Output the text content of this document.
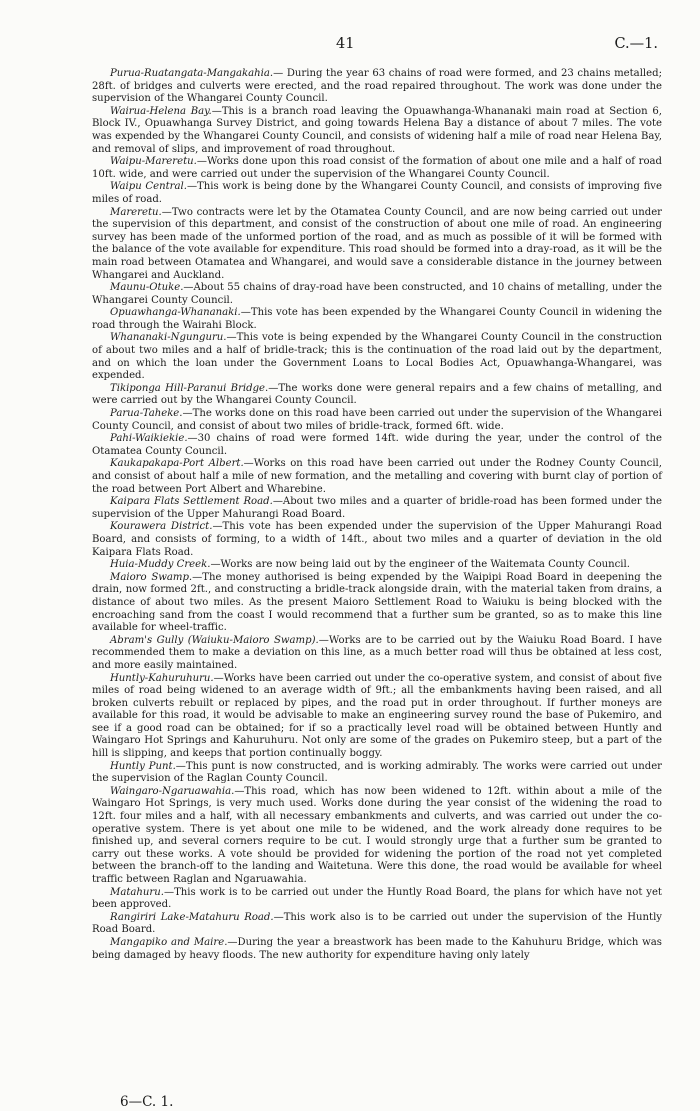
41	C.—1.

Purua-Ruatangata-Mangakahia.— During the year 63 chains of road were formed, and 23 chains metalled; 28ft. of bridges and culverts were erected, and the road repaired throughout. The work was done under the supervision of the Whangarei County Council.

Wairua-Helena Bay.—This is a branch road leaving the Opuawhanga-Whananaki main road at Section 6, Block IV., Opuawhanga Survey District, and going towards Helena Bay a distance of about 7 miles. The vote was expended by the Whangarei County Council, and consists of widening half a mile of road near Helena Bay, and removal of slips, and improvement of road throughout.

Waipu-Mareretu.—Works done upon this road consist of the formation of about one mile and a half of road 10ft. wide, and were carried out under the supervision of the Whangarei County Council.

Waipu Central.—This work is being done by the Whangarei County Council, and consists of improving five miles of road.

Mareretu.—Two contracts were let by the Otamatea County Council, and are now being carried out under the supervision of this department, and consist of the construction of about one mile of road. An engineering survey has been made of the unformed portion of the road, and as much as possible of it will be formed with the balance of the vote available for expenditure. This road should be formed into a dray-road, as it will be the main road between Otamatea and Whangarei, and would save a considerable distance in the journey between Whangarei and Auckland.

Maunu-Otuke.—About 55 chains of dray-road have been constructed, and 10 chains of metalling, under the Whangarei County Council.

Opuawhanga-Whananaki.—This vote has been expended by the Whangarei County Council in widening the road through the Wairahi Block.

Whananaki-Ngunguru.—This vote is being expended by the Whangarei County Council in the construction of about two miles and a half of bridle-track; this is the continuation of the road laid out by the department, and on which the loan under the Government Loans to Local Bodies Act, Opuawhanga-Whangarei, was expended.

Tikiponga Hill-Paranui Bridge.—The works done were general repairs and a few chains of metalling, and were carried out by the Whangarei County Council.

Parua-Taheke.—The works done on this road have been carried out under the supervision of the Whangarei County Council, and consist of about two miles of bridle-track, formed 6ft. wide.

Pahi-Waikiekie.—30 chains of road were formed 14ft. wide during the year, under the control of the Otamatea County Council.

Kaukapakapa-Port Albert.—Works on this road have been carried out under the Rodney County Council, and consist of about half a mile of new formation, and the metalling and covering with burnt clay of portion of the road between Port Albert and Wharebine.

Kaipara Flats Settlement Road.—About two miles and a quarter of bridle-road has been formed under the supervision of the Upper Mahurangi Road Board.

Kourawera District.—This vote has been expended under the supervision of the Upper Mahurangi Road Board, and consists of forming, to a width of 14ft., about two miles and a quarter of deviation in the old Kaipara Flats Road.

Huia-Muddy Creek.—Works are now being laid out by the engineer of the Waitemata County Council.

Maioro Swamp.—The money authorised is being expended by the Waipipi Road Board in deepening the drain, now formed 2ft., and constructing a bridle-track alongside drain, with the material taken from drains, a distance of about two miles. As the present Maioro Settlement Road to Waiuku is being blocked with the encroaching sand from the coast I would recommend that a further sum be granted, so as to make this line available for wheel-traffic.

Abram's Gully (Waiuku-Maioro Swamp).—Works are to be carried out by the Waiuku Road Board. I have recommended them to make a deviation on this line, as a much better road will thus be obtained at less cost, and more easily maintained.

Huntly-Kahuruhuru.—Works have been carried out under the co-operative system, and consist of about five miles of road being widened to an average width of 9ft.; all the embankments having been raised, and all broken culverts rebuilt or replaced by pipes, and the road put in order throughout. If further moneys are available for this road, it would be advisable to make an engineering survey round the base of Pukemiro, and see if a good road can be obtained; for if so a practically level road will be obtained between Huntly and Waingaro Hot Springs and Kahuruhuru. Not only are some of the grades on Pukemiro steep, but a part of the hill is slipping, and keeps that portion continually boggy.

Huntly Punt.—This punt is now constructed, and is working admirably. The works were carried out under the supervision of the Raglan County Council.

Waingaro-Ngaruawahia.—This road, which has now been widened to 12ft. within about a mile of the Waingaro Hot Springs, is very much used. Works done during the year consist of the widening the road to 12ft. four miles and a half, with all necessary embankments and culverts, and was carried out under the co-operative system. There is yet about one mile to be widened, and the work already done requires to be finished up, and several corners require to be cut. I would strongly urge that a further sum be granted to carry out these works. A vote should be provided for widening the portion of the road not yet completed between the branch-off to the landing and Waitetuna. Were this done, the road would be available for wheel traffic between Raglan and Ngaruawahia.

Matahuru.—This work is to be carried out under the Huntly Road Board, the plans for which have not yet been approved.

Rangiriri Lake-Matahuru Road.—This work also is to be carried out under the supervision of the Huntly Road Board.

Mangapiko and Maire.—During the year a breastwork has been made to the Kahuhuru Bridge, which was being damaged by heavy floods. The new authority for expenditure having only lately

6—C. 1.
